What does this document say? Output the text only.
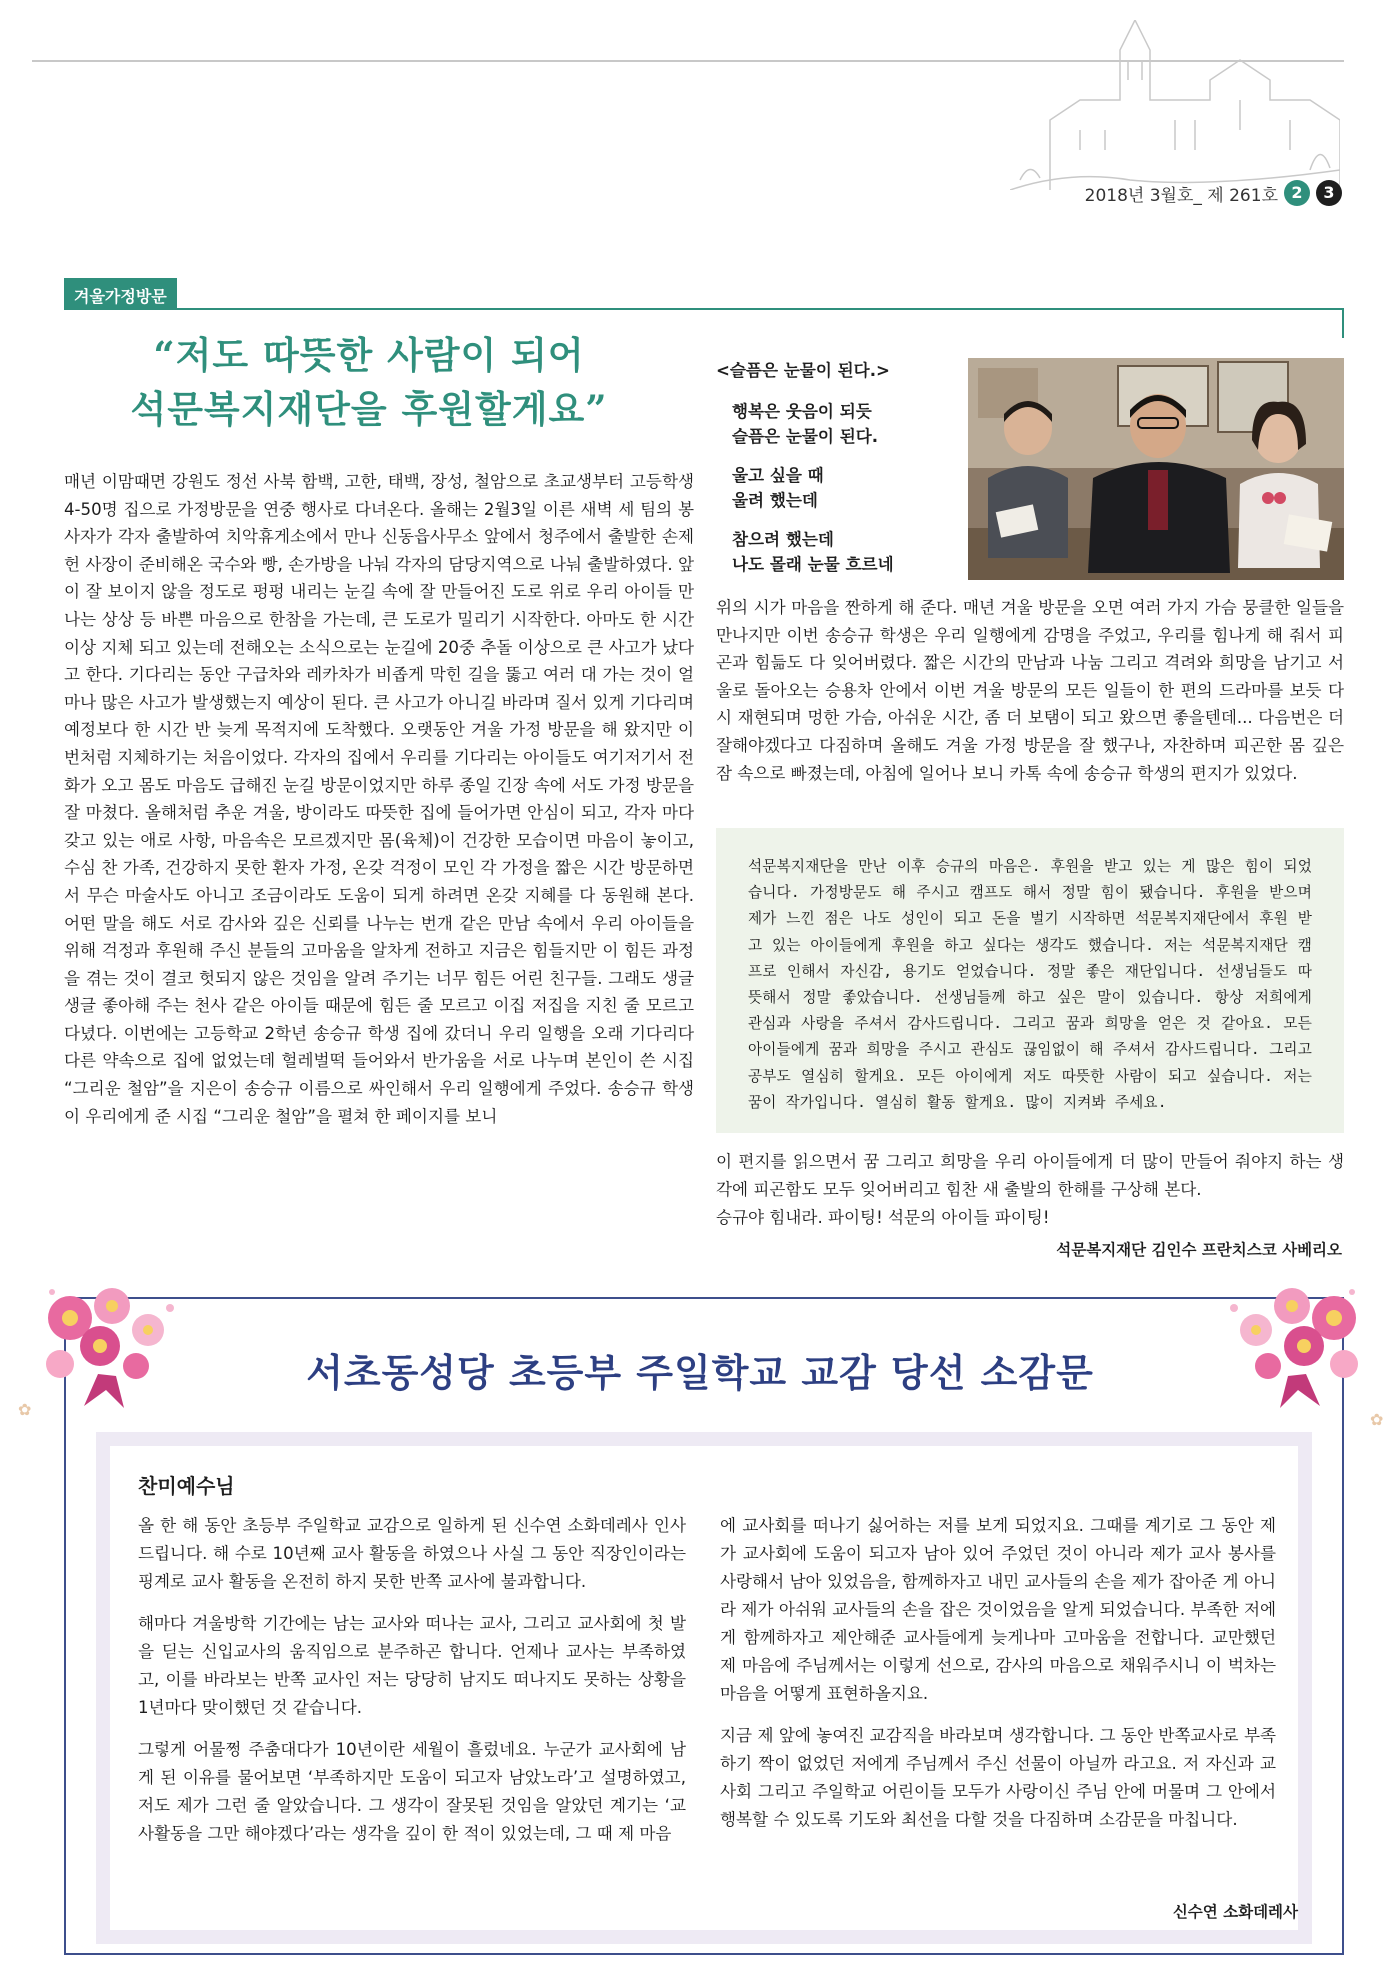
2018년 3월호_ 제 261호 2	3
겨울가정방문
“저도 따뜻한 사람이 되어
석문복지재단을 후원할게요”
매년 이맘때면 강원도 정선 사북 함백, 고한, 태백, 장성, 철암으로 초교생부터 고등학생 4-50명 집으로 가정방문을 연중 행사로 다녀온다. 올해는 2월3일 이른 새벽 세 팀의 봉사자가 각자 출발하여 치악휴게소에서 만나 신동읍사무소 앞에서 청주에서 출발한 손제헌 사장이 준비해온 국수와 빵, 손가방을 나눠 각자의 담당지역으로 나눠 출발하였다. 앞이 잘 보이지 않을 정도로 펑펑 내리는 눈길 속에 잘 만들어진 도로 위로 우리 아이들 만나는 상상 등 바쁜 마음으로 한참을 가는데, 큰 도로가 밀리기 시작한다. 아마도 한 시간 이상 지체 되고 있는데 전해오는 소식으로는 눈길에 20중 추돌 이상으로 큰 사고가 났다고 한다. 기다리는 동안 구급차와 레카차가 비좁게 막힌 길을 뚫고 여러 대 가는 것이 얼마나 많은 사고가 발생했는지 예상이 된다. 큰 사고가 아니길 바라며 질서 있게 기다리며 예정보다 한 시간 반 늦게 목적지에 도착했다. 오랫동안 겨울 가정 방문을 해 왔지만 이번처럼 지체하기는 처음이었다. 각자의 집에서 우리를 기다리는 아이들도 여기저기서 전화가 오고 몸도 마음도 급해진 눈길 방문이었지만 하루 종일 긴장 속에 서도 가정 방문을 잘 마쳤다. 올해처럼 추운 겨울, 방이라도 따뜻한 집에 들어가면 안심이 되고, 각자 마다 갖고 있는 애로 사항, 마음속은 모르겠지만 몸(육체)이 건강한 모습이면 마음이 놓이고, 수심 찬 가족, 건강하지 못한 환자 가정, 온갖 걱정이 모인 각 가정을 짧은 시간 방문하면서 무슨 마술사도 아니고 조금이라도 도움이 되게 하려면 온갖 지혜를 다 동원해 본다. 어떤 말을 해도 서로 감사와 깊은 신뢰를 나누는 번개 같은 만남 속에서 우리 아이들을 위해 걱정과 후원해 주신 분들의 고마움을 알차게 전하고 지금은 힘들지만 이 힘든 과정을 겪는 것이 결코 헛되지 않은 것임을 알려 주기는 너무 힘든 어린 친구들. 그래도 생글 생글 좋아해 주는 천사 같은 아이들 때문에 힘든 줄 모르고 이집 저집을 지친 줄 모르고 다녔다. 이번에는 고등학교 2학년 송승규 학생 집에 갔더니 우리 일행을 오래 기다리다 다른 약속으로 집에 없었는데 헐레벌떡 들어와서 반가움을 서로 나누며 본인이 쓴 시집 “그리운 철암”을 지은이 송승규 이름으로 싸인해서 우리 일행에게 주었다. 송승규 학생이 우리에게 준 시집 “그리운 철암”을 펼쳐 한 페이지를 보니
<슬픔은 눈물이 된다.>
행복은 웃음이 되듯
슬픔은 눈물이 된다.
울고 싶을 때
울려 했는데
참으려 했는데
나도 몰래 눈물 흐르네
위의 시가 마음을 짠하게 해 준다. 매년 겨울 방문을 오면 여러 가지 가슴 뭉클한 일들을 만나지만 이번 송승규 학생은 우리 일행에게 감명을 주었고, 우리를 힘나게 해 줘서 피곤과 힘듦도 다 잊어버렸다. 짧은 시간의 만남과 나눔 그리고 격려와 희망을 남기고 서울로 돌아오는 승용차 안에서 이번 겨울 방문의 모든 일들이 한 편의 드라마를 보듯 다시 재현되며 멍한 가슴, 아쉬운 시간, 좀 더 보탬이 되고 왔으면 좋을텐데... 다음번은 더 잘해야겠다고 다짐하며 올해도 겨울 가정 방문을 잘 했구나, 자찬하며 피곤한 몸 깊은 잠 속으로 빠졌는데, 아침에 일어나 보니 카톡 속에 송승규 학생의 편지가 있었다.

석문복지재단을 만난 이후 승규의 마음은. 후원을 받고 있는 게 많은 힘이 되었습니다. 가정방문도 해 주시고 캠프도 해서 정말 힘이 됐습니다. 후원을 받으며 제가 느낀 점은 나도 성인이 되고 돈을 벌기 시작하면 석문복지재단에서 후원 받고 있는 아이들에게 후원을 하고 싶다는 생각도 했습니다. 저는 석문복지재단 캠프로 인해서 자신감, 용기도 얻었습니다. 정말 좋은 재단입니다. 선생님들도 따뜻해서 정말 좋았습니다. 선생님들께 하고 싶은 말이 있습니다. 항상 저희에게 관심과 사랑을 주셔서 감사드립니다. 그리고 꿈과 희망을 얻은 것 같아요. 모든 아이들에게 꿈과 희망을 주시고 관심도 끊임없이 해 주셔서 감사드립니다. 그리고 공부도 열심히 할게요. 모든 아이에게 저도 따뜻한 사람이 되고 싶습니다. 저는 꿈이 작가입니다. 열심히 활동 할게요. 많이 지켜봐 주세요.

이 편지를 읽으면서 꿈 그리고 희망을 우리 아이들에게 더 많이 만들어 줘야지 하는 생각에 피곤함도 모두 잊어버리고 힘찬 새 출발의 한해를 구상해 본다.
승규야 힘내라. 파이팅! 석문의 아이들 파이팅!
석문복지재단 김인수 프란치스코 사베리오
✿
✿
서초동성당 초등부 주일학교 교감 당선 소감문
찬미예수님

올 한 해 동안 초등부 주일학교 교감으로 일하게 된 신수연 소화데레사 인사드립니다. 해 수로 10년째 교사 활동을 하였으나 사실 그 동안 직장인이라는 핑계로 교사 활동을 온전히 하지 못한 반쪽 교사에 불과합니다.

해마다 겨울방학 기간에는 남는 교사와 떠나는 교사, 그리고 교사회에 첫 발을 딛는 신입교사의 움직임으로 분주하곤 합니다. 언제나 교사는 부족하였고, 이를 바라보는 반쪽 교사인 저는 당당히 남지도 떠나지도 못하는 상황을 1년마다 맞이했던 것 같습니다.

그렇게 어물쩡 주춤대다가 10년이란 세월이 흘렀네요. 누군가 교사회에 남게 된 이유를 물어보면 ‘부족하지만 도움이 되고자 남았노라’고 설명하였고, 저도 제가 그런 줄 알았습니다. 그 생각이 잘못된 것임을 알았던 계기는 ‘교사활동을 그만 해야겠다’라는 생각을 깊이 한 적이 있었는데, 그 때 제 마음

에 교사회를 떠나기 싫어하는 저를 보게 되었지요. 그때를 계기로 그 동안 제가 교사회에 도움이 되고자 남아 있어 주었던 것이 아니라 제가 교사 봉사를 사랑해서 남아 있었음을, 함께하자고 내민 교사들의 손을 제가 잡아준 게 아니라 제가 아쉬워 교사들의 손을 잡은 것이었음을 알게 되었습니다. 부족한 저에게 함께하자고 제안해준 교사들에게 늦게나마 고마움을 전합니다. 교만했던 제 마음에 주님께서는 이렇게 선으로, 감사의 마음으로 채워주시니 이 벅차는 마음을 어떻게 표현하올지요.

지금 제 앞에 놓여진 교감직을 바라보며 생각합니다. 그 동안 반쪽교사로 부족하기 짝이 없었던 저에게 주님께서 주신 선물이 아닐까 라고요. 저 자신과 교사회 그리고 주일학교 어린이들 모두가 사랑이신 주님 안에 머물며 그 안에서 행복할 수 있도록 기도와 최선을 다할 것을 다짐하며 소감문을 마칩니다.

신수연 소화데레사
